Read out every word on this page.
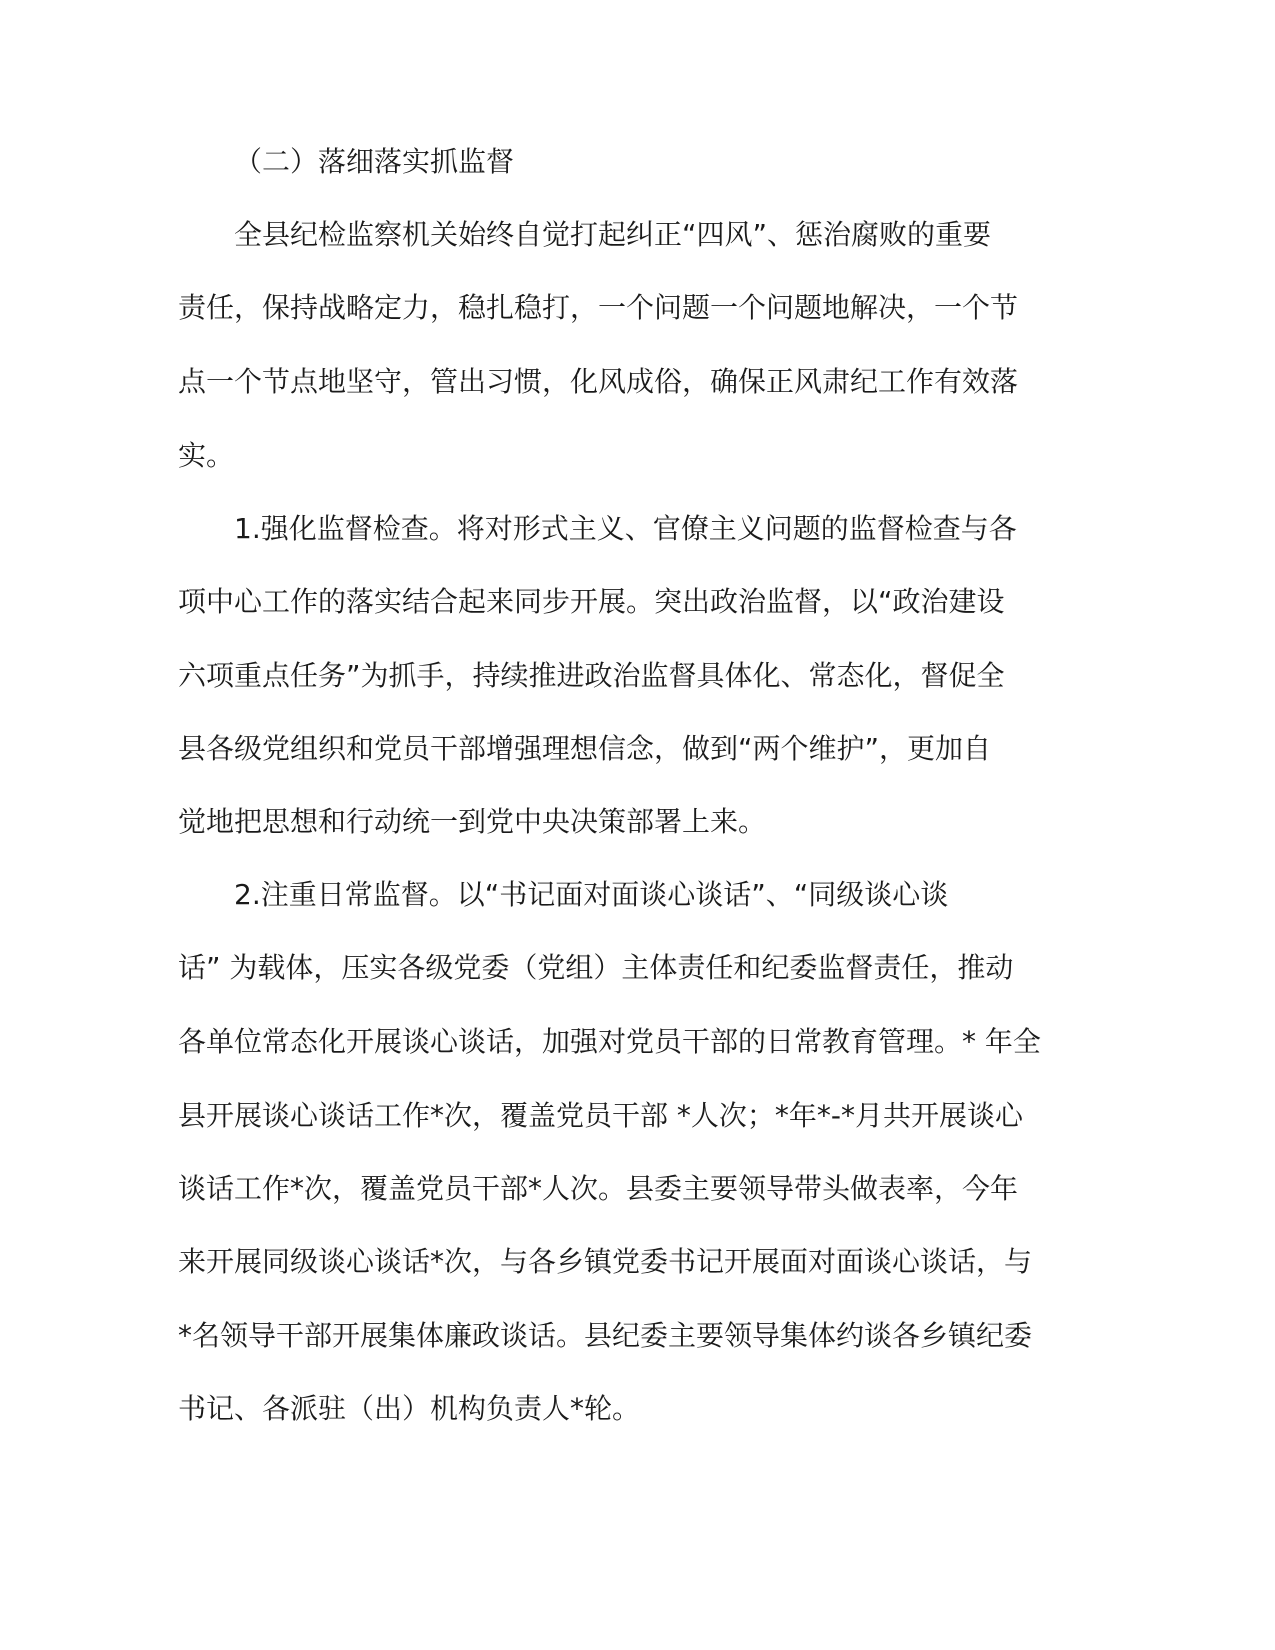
（二）落细落实抓监督
全县纪检监察机关始终自觉打起纠正“四风”、惩治腐败的重要
责任，保持战略定力，稳扎稳打，一个问题一个问题地解决，一个节
点一个节点地坚守，管出习惯，化风成俗，确保正风肃纪工作有效落
实。
1.强化监督检查。将对形式主义、官僚主义问题的监督检查与各
项中心工作的落实结合起来同步开展。突出政治监督，以“政治建设
六项重点任务”为抓手，持续推进政治监督具体化、常态化，督促全
县各级党组织和党员干部增强理想信念，做到“两个维护”，更加自
觉地把思想和行动统一到党中央决策部署上来。
2.注重日常监督。以“书记面对面谈心谈话”、“同级谈心谈
话” 为载体，压实各级党委（党组）主体责任和纪委监督责任，推动
各单位常态化开展谈心谈话，加强对党员干部的日常教育管理。* 年全
县开展谈心谈话工作*次，覆盖党员干部 *人次；*年*-*月共开展谈心
谈话工作*次，覆盖党员干部*人次。县委主要领导带头做表率，今年
来开展同级谈心谈话*次，与各乡镇党委书记开展面对面谈心谈话，与
*名领导干部开展集体廉政谈话。县纪委主要领导集体约谈各乡镇纪委
书记、各派驻（出）机构负责人*轮。
